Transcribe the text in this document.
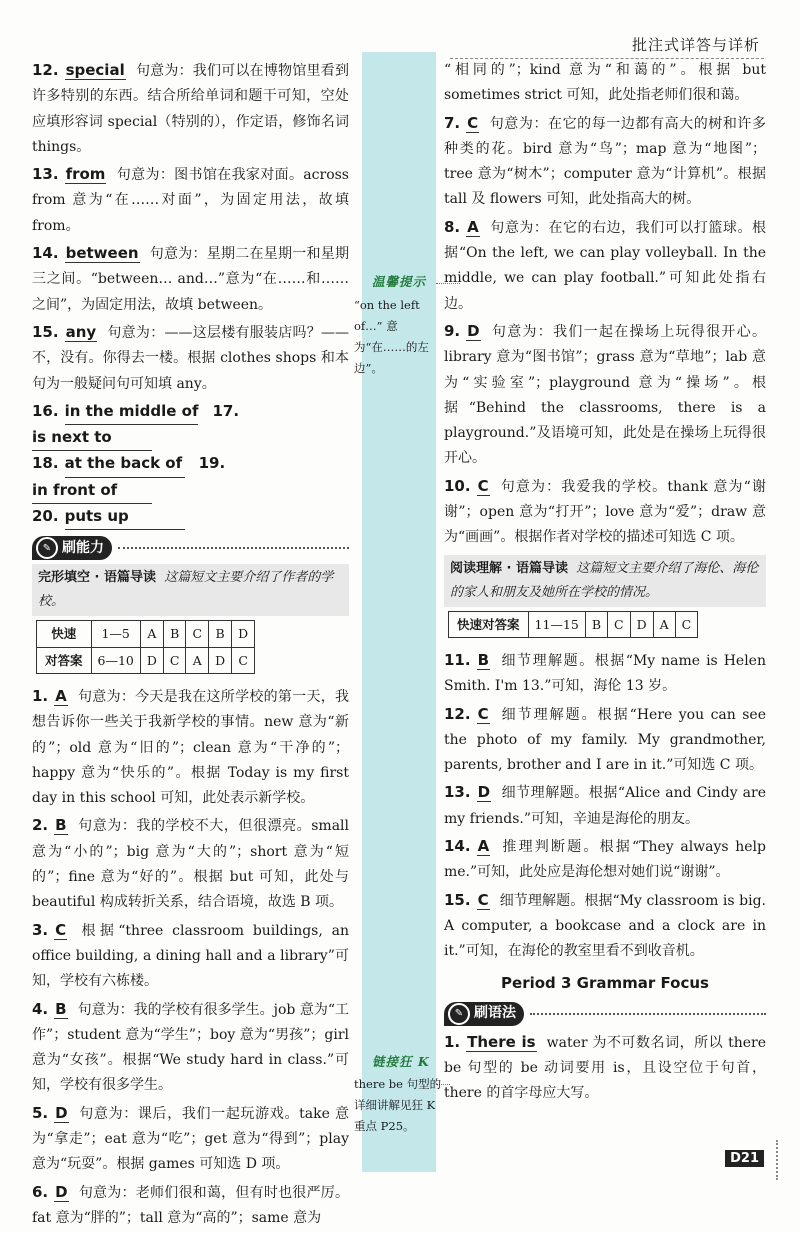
批注式详答与详析
温馨提示
“on the left of…” 意为“在……的左边”。
链接狂 K
there be 句型的详细讲解见狂 K 重点 P25。

12. special 句意为：我们可以在博物馆里看到许多特别的东西。结合所给单词和题干可知，空处应填形容词 special（特别的），作定语，修饰名词 things。

13. from 句意为：图书馆在我家对面。across from 意为“在……对面”，为固定用法，故填 from。

14. between 句意为：星期二在星期一和星期三之间。“between… and…”意为“在……和……之间”，为固定用法，故填 between。

15. any 句意为：——这层楼有服装店吗？——不，没有。你得去一楼。根据 clothes shops 和本句为一般疑问句可知填 any。

16. in the middle of 17.is next to

18. at the back of 19.in front of

20. puts up

✎ 刷能力
完形填空 · 语篇导读 这篇短文主要介绍了作者的学校。
快速	1—5	A	B	C	B	D
对答案	6—10	D	C	A	D	C

1. A 句意为：今天是我在这所学校的第一天，我想告诉你一些关于我新学校的事情。new 意为“新的”；old 意为“旧的”；clean 意为“干净的”；happy 意为“快乐的”。根据 Today is my first day in this school 可知，此处表示新学校。

2. B 句意为：我的学校不大，但很漂亮。small 意为“小的”；big 意为“大的”；short 意为“短的”；fine 意为“好的”。根据 but 可知，此处与 beautiful 构成转折关系，结合语境，故选 B 项。

3. C 根据“three classroom buildings, an office building, a dining hall and a library”可知，学校有六栋楼。

4. B 句意为：我的学校有很多学生。job 意为“工作”；student 意为“学生”；boy 意为“男孩”；girl 意为“女孩”。根据“We study hard in class.”可知，学校有很多学生。

5. D 句意为：课后，我们一起玩游戏。take 意为“拿走”；eat 意为“吃”；get 意为“得到”；play 意为“玩耍”。根据 games 可知选 D 项。

6. D 句意为：老师们很和蔼，但有时也很严厉。fat 意为“胖的”；tall 意为“高的”；same 意为

“相同的”；kind 意为“和蔼的”。根据 but sometimes strict 可知，此处指老师们很和蔼。

7. C 句意为：在它的每一边都有高大的树和许多种类的花。bird 意为“鸟”；map 意为“地图”；tree 意为“树木”；computer 意为“计算机”。根据 tall 及 flowers 可知，此处指高大的树。

8. A 句意为：在它的右边，我们可以打篮球。根据“On the left, we can play volleyball. In the middle, we can play football.”可知此处指右边。

9. D 句意为：我们一起在操场上玩得很开心。library 意为“图书馆”；grass 意为“草地”；lab 意为“实验室”；playground 意为“操场”。根据“Behind the classrooms, there is a playground.”及语境可知，此处是在操场上玩得很开心。

10. C 句意为：我爱我的学校。thank 意为“谢谢”；open 意为“打开”；love 意为“爱”；draw 意为“画画”。根据作者对学校的描述可知选 C 项。

阅读理解 · 语篇导读 这篇短文主要介绍了海伦、海伦的家人和朋友及她所在学校的情况。
快速对答案	11—15	B	C	D	A	C

11. B 细节理解题。根据“My name is Helen Smith. I'm 13.”可知，海伦 13 岁。

12. C 细节理解题。根据“Here you can see the photo of my family. My grandmother, parents, brother and I are in it.”可知选 C 项。

13. D 细节理解题。根据“Alice and Cindy are my friends.”可知，辛迪是海伦的朋友。

14. A 推理判断题。根据“They always help me.”可知，此处应是海伦想对她们说“谢谢”。

15. C 细节理解题。根据“My classroom is big. A computer, a bookcase and a clock are in it.”可知，在海伦的教室里看不到收音机。

Period 3 Grammar Focus
✎ 刷语法

1. There is water 为不可数名词，所以 there be 句型的 be 动词要用 is，且设空位于句首，there 的首字母应大写。

D21
